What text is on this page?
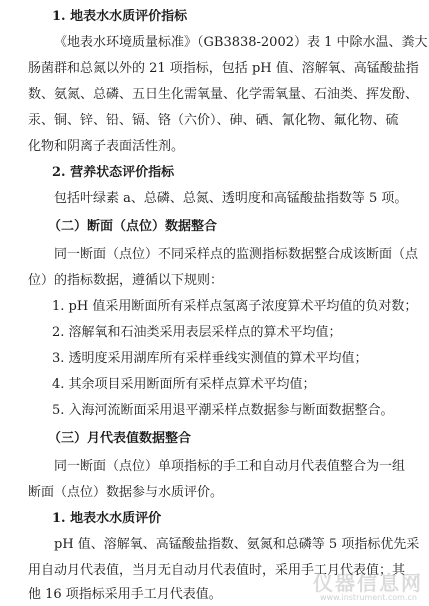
1. 地表水水质评价指标
《地表水环境质量标准》（GB3838-2002）表 1 中除水温、粪大
肠菌群和总氮以外的 21 项指标，包括 pH 值、溶解氧、高锰酸盐指
数、氨氮、总磷、五日生化需氧量、化学需氧量、石油类、挥发酚、
汞、铜、锌、铅、镉、铬（六价）、砷、硒、氰化物、氟化物、硫
化物和阴离子表面活性剂。
2. 营养状态评价指标
包括叶绿素 a、总磷、总氮、透明度和高锰酸盐指数等 5 项。
（二）断面（点位）数据整合
同一断面（点位）不同采样点的监测指标数据整合成该断面（点
位）的指标数据，遵循以下规则：
1. pH 值采用断面所有采样点氢离子浓度算术平均值的负对数；
2. 溶解氧和石油类采用表层采样点的算术平均值；
3. 透明度采用湖库所有采样垂线实测值的算术平均值；
4. 其余项目采用断面所有采样点算术平均值；
5. 入海河流断面采用退平潮采样点数据参与断面数据整合。
（三）月代表值数据整合
同一断面（点位）单项指标的手工和自动月代表值整合为一组
断面（点位）数据参与水质评价。
1. 地表水水质评价
pH 值、溶解氧、高锰酸盐指数、氨氮和总磷等 5 项指标优先采
用自动月代表值，当月无自动月代表值时，采用手工月代表值；其
他 16 项指标采用手工月代表值。	仪器信息网
www.instrument.com.cn
